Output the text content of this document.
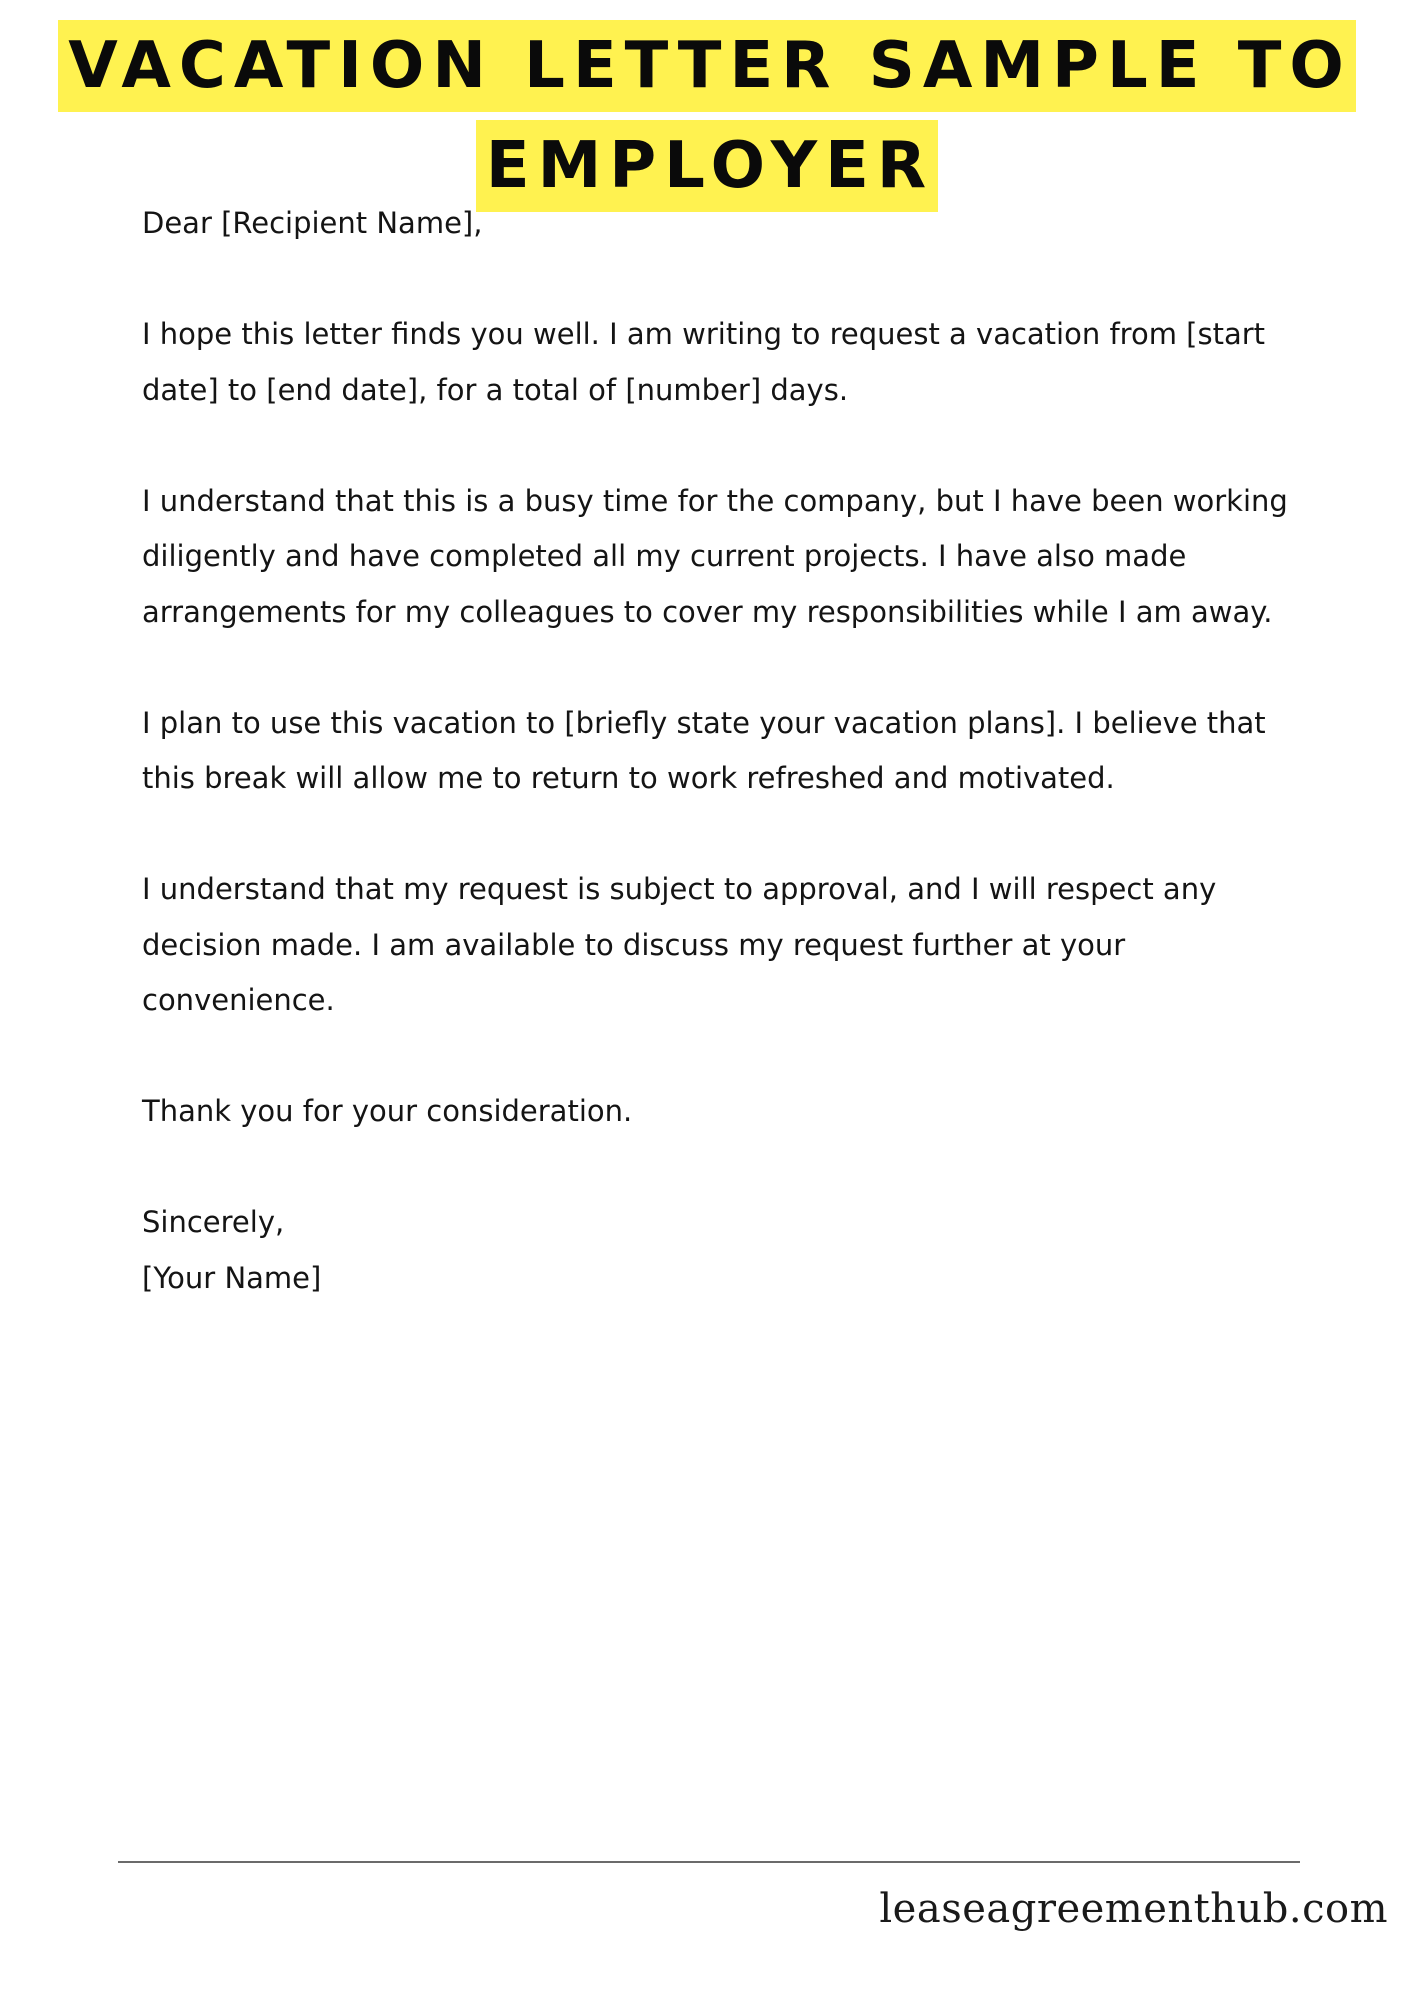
VACATION LETTER SAMPLE TO
EMPLOYER

Dear [Recipient Name],

I hope this letter finds you well. I am writing to request a vacation from [start date] to [end date], for a total of [number] days.

I understand that this is a busy time for the company, but I have been working diligently and have completed all my current projects. I have also made arrangements for my colleagues to cover my responsibilities while I am away.

I plan to use this vacation to [briefly state your vacation plans]. I believe that this break will allow me to return to work refreshed and motivated.

I understand that my request is subject to approval, and I will respect any decision made. I am available to discuss my request further at your convenience.

Thank you for your consideration.

Sincerely,

[Your Name]

leaseagreementhub.com
